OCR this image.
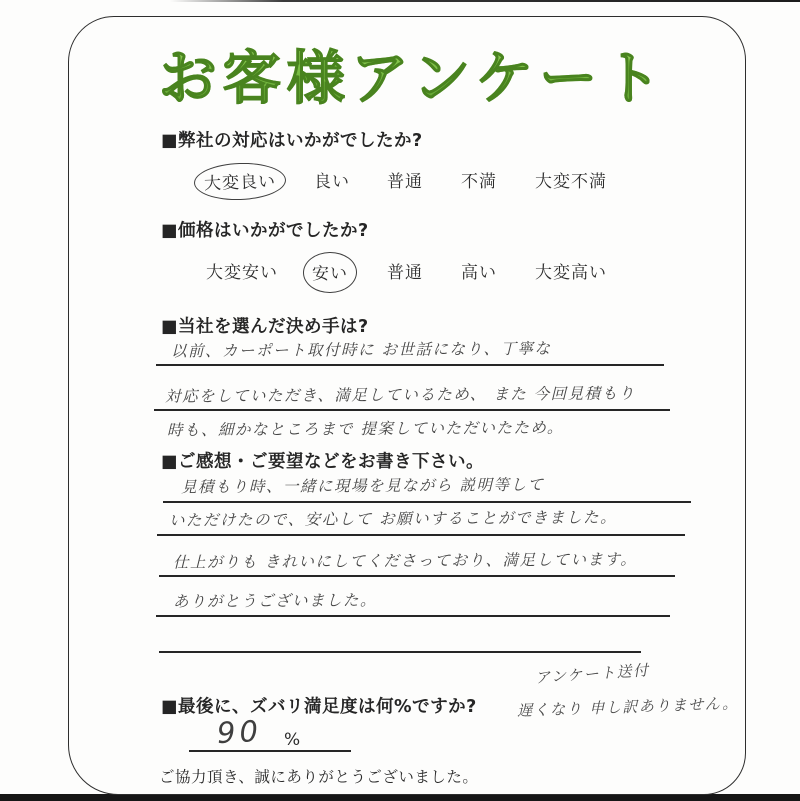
お客様アンケート
■弊社の対応はいかがでしたか?
大変良い 良い 普通 不満 大変不満
■価格はいかがでしたか?
大変安い 安い 普通 高い 大変高い
■当社を選んだ決め手は?
以前、カーポート取付時に お世話になり、丁寧な
対応をしていただき、満足しているため、 また 今回見積もり
時も、細かなところまで 提案していただいたため。
■ご感想・ご要望などをお書き下さい。
見積もり時、一緒に現場を見ながら 説明等して
いただけたので、安心して お願いすることができました。
仕上がりも きれいにしてくださっており、満足しています。
ありがとうございました。
アンケート送付
遅くなり 申し訳ありません。
■最後に、ズバリ満足度は何%ですか?
90 %
ご協力頂き、誠にありがとうございました。
